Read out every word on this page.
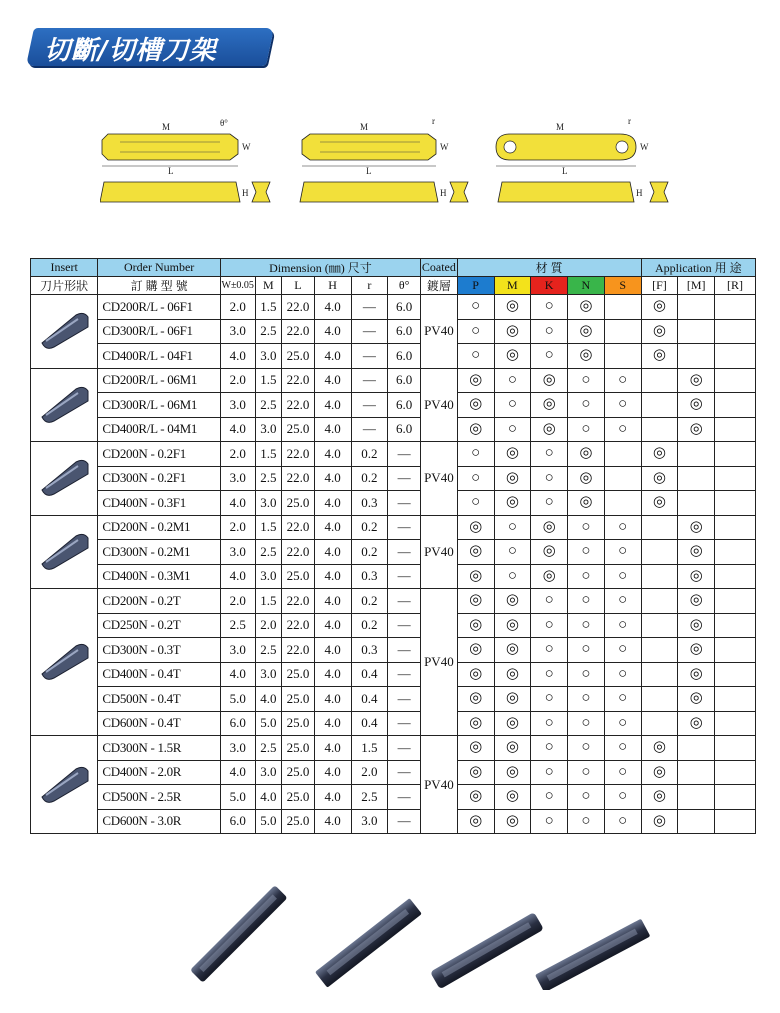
切斷/切槽刀架
L
M	θ°
W
H
L
M
r
W
H
L
M
r
W
H
Insert	Order Number	Dimension (㎜) 尺寸						Coated	材 質					Application 用 途		
刀片形狀	訂 購 型 號	W±0.05	M	L	H	r	θ°	鍍層	P	M	K	N	S	[F]	[M]	[R]
	CD200R/L - 06F1	2.0	1.5	22.0	4.0	—	6.0	PV40	○	◎	○	◎		◎		
	CD300R/L - 06F1	3.0	2.5	22.0	4.0	—	6.0		○	◎	○	◎		◎		
	CD400R/L - 04F1	4.0	3.0	25.0	4.0	—	6.0		○	◎	○	◎		◎		
	CD200R/L - 06M1	2.0	1.5	22.0	4.0	—	6.0	PV40	◎	○	◎	○	○		◎	
	CD300R/L - 06M1	3.0	2.5	22.0	4.0	—	6.0		◎	○	◎	○	○		◎	
	CD400R/L - 04M1	4.0	3.0	25.0	4.0	—	6.0		◎	○	◎	○	○		◎	
	CD200N - 0.2F1	2.0	1.5	22.0	4.0	0.2	—	PV40	○	◎	○	◎		◎		
	CD300N - 0.2F1	3.0	2.5	22.0	4.0	0.2	—		○	◎	○	◎		◎		
	CD400N - 0.3F1	4.0	3.0	25.0	4.0	0.3	—		○	◎	○	◎		◎		
	CD200N - 0.2M1	2.0	1.5	22.0	4.0	0.2	—	PV40	◎	○	◎	○	○		◎	
	CD300N - 0.2M1	3.0	2.5	22.0	4.0	0.2	—		◎	○	◎	○	○		◎	
	CD400N - 0.3M1	4.0	3.0	25.0	4.0	0.3	—		◎	○	◎	○	○		◎	
	CD200N - 0.2T	2.0	1.5	22.0	4.0	0.2	—	PV40	◎	◎	○	○	○		◎	
	CD250N - 0.2T	2.5	2.0	22.0	4.0	0.2	—		◎	◎	○	○	○		◎	
	CD300N - 0.3T	3.0	2.5	22.0	4.0	0.3	—		◎	◎	○	○	○		◎	
	CD400N - 0.4T	4.0	3.0	25.0	4.0	0.4	—		◎	◎	○	○	○		◎	
	CD500N - 0.4T	5.0	4.0	25.0	4.0	0.4	—		◎	◎	○	○	○		◎	
	CD600N - 0.4T	6.0	5.0	25.0	4.0	0.4	—		◎	◎	○	○	○		◎	
	CD300N - 1.5R	3.0	2.5	25.0	4.0	1.5	—	PV40	◎	◎	○	○	○	◎		
	CD400N - 2.0R	4.0	3.0	25.0	4.0	2.0	—		◎	◎	○	○	○	◎		
	CD500N - 2.5R	5.0	4.0	25.0	4.0	2.5	—		◎	◎	○	○	○	◎		
	CD600N - 3.0R	6.0	5.0	25.0	4.0	3.0	—		◎	◎	○	○	○	◎		
